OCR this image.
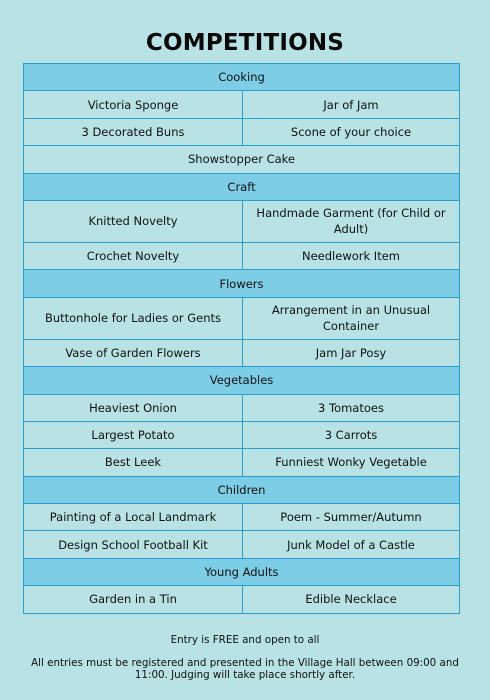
COMPETITIONS
Cooking	
Victoria Sponge	Jar of Jam
3 Decorated Buns	Scone of your choice
Showstopper Cake	
Craft	
Knitted Novelty	Handmade Garment (for Child or Adult)
Crochet Novelty	Needlework Item
Flowers	
Buttonhole for Ladies or Gents	Arrangement in an Unusual Container
Vase of Garden Flowers	Jam Jar Posy
Vegetables	
Heaviest Onion	3 Tomatoes
Largest Potato	3 Carrots
Best Leek	Funniest Wonky Vegetable
Children	
Painting of a Local Landmark	Poem - Summer/Autumn
Design School Football Kit	Junk Model of a Castle
Young Adults	
Garden in a Tin	Edible Necklace
Entry is FREE and open to all
All entries must be registered and presented in the Village Hall between 09:00 and 11:00. Judging will take place shortly after.
